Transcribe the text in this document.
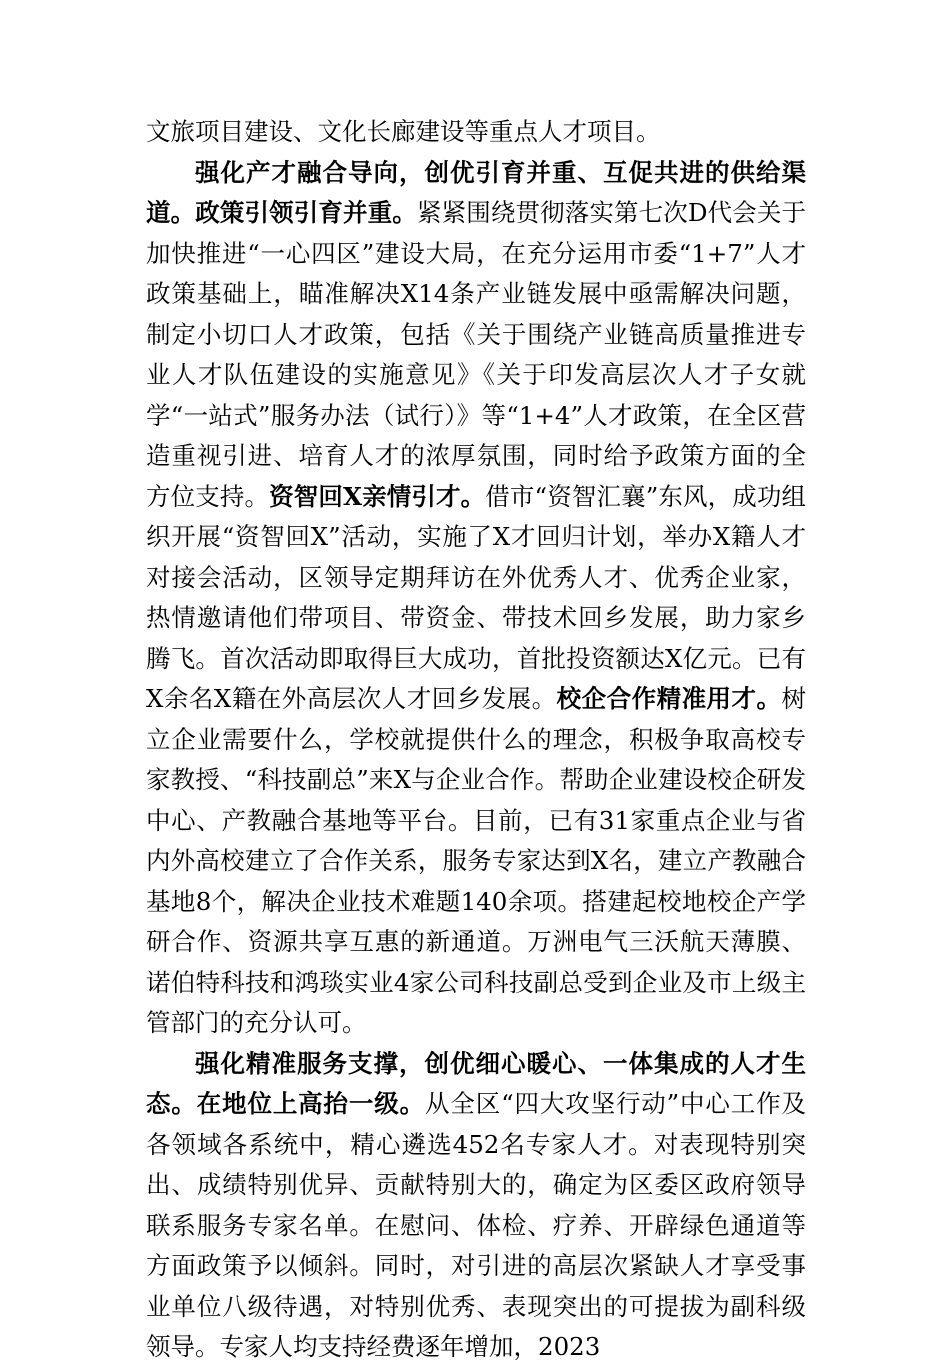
文旅项目建设、文化长廊建设等重点人才项目。

强化产才融合导向，创优引育并重、互促共进的供给渠道。政策引领引育并重。紧紧围绕贯彻落实第七次D代会关于加快推进“一心四区”建设大局，在充分运用市委“1+7”人才政策基础上，瞄准解决X14条产业链发展中亟需解决问题，制定小切口人才政策，包括《关于围绕产业链高质量推进专业人才队伍建设的实施意见》《关于印发高层次人才子女就学“一站式”服务办法（试行）》等“1+4”人才政策，在全区营造重视引进、培育人才的浓厚氛围，同时给予政策方面的全方位支持。资智回X亲情引才。借市“资智汇襄”东风，成功组织开展“资智回X”活动，实施了X才回归计划，举办X籍人才对接会活动，区领导定期拜访在外优秀人才、优秀企业家，热情邀请他们带项目、带资金、带技术回乡发展，助力家乡腾飞。首次活动即取得巨大成功，首批投资额达X亿元。已有X余名X籍在外高层次人才回乡发展。校企合作精准用才。树立企业需要什么，学校就提供什么的理念，积极争取高校专家教授、“科技副总”来X与企业合作。帮助企业建设校企研发中心、产教融合基地等平台。目前，已有31家重点企业与省内外高校建立了合作关系，服务专家达到X名，建立产教融合基地8个，解决企业技术难题140余项。搭建起校地校企产学研合作、资源共享互惠的新通道。万洲电气三沃航天薄膜、诺伯特科技和鸿琰实业4家公司科技副总受到企业及市上级主管部门的充分认可。

强化精准服务支撑，创优细心暖心、一体集成的人才生态。在地位上高抬一级。从全区“四大攻坚行动”中心工作及各领域各系统中，精心遴选452名专家人才。对表现特别突出、成绩特别优异、贡献特别大的，确定为区委区政府领导联系服务专家名单。在慰问、体检、疗养、开辟绿色通道等方面政策予以倾斜。同时，对引进的高层次紧缺人才享受事业单位八级待遇，对特别优秀、表现突出的可提拔为副科级领导。专家人均支持经费逐年增加，2023
